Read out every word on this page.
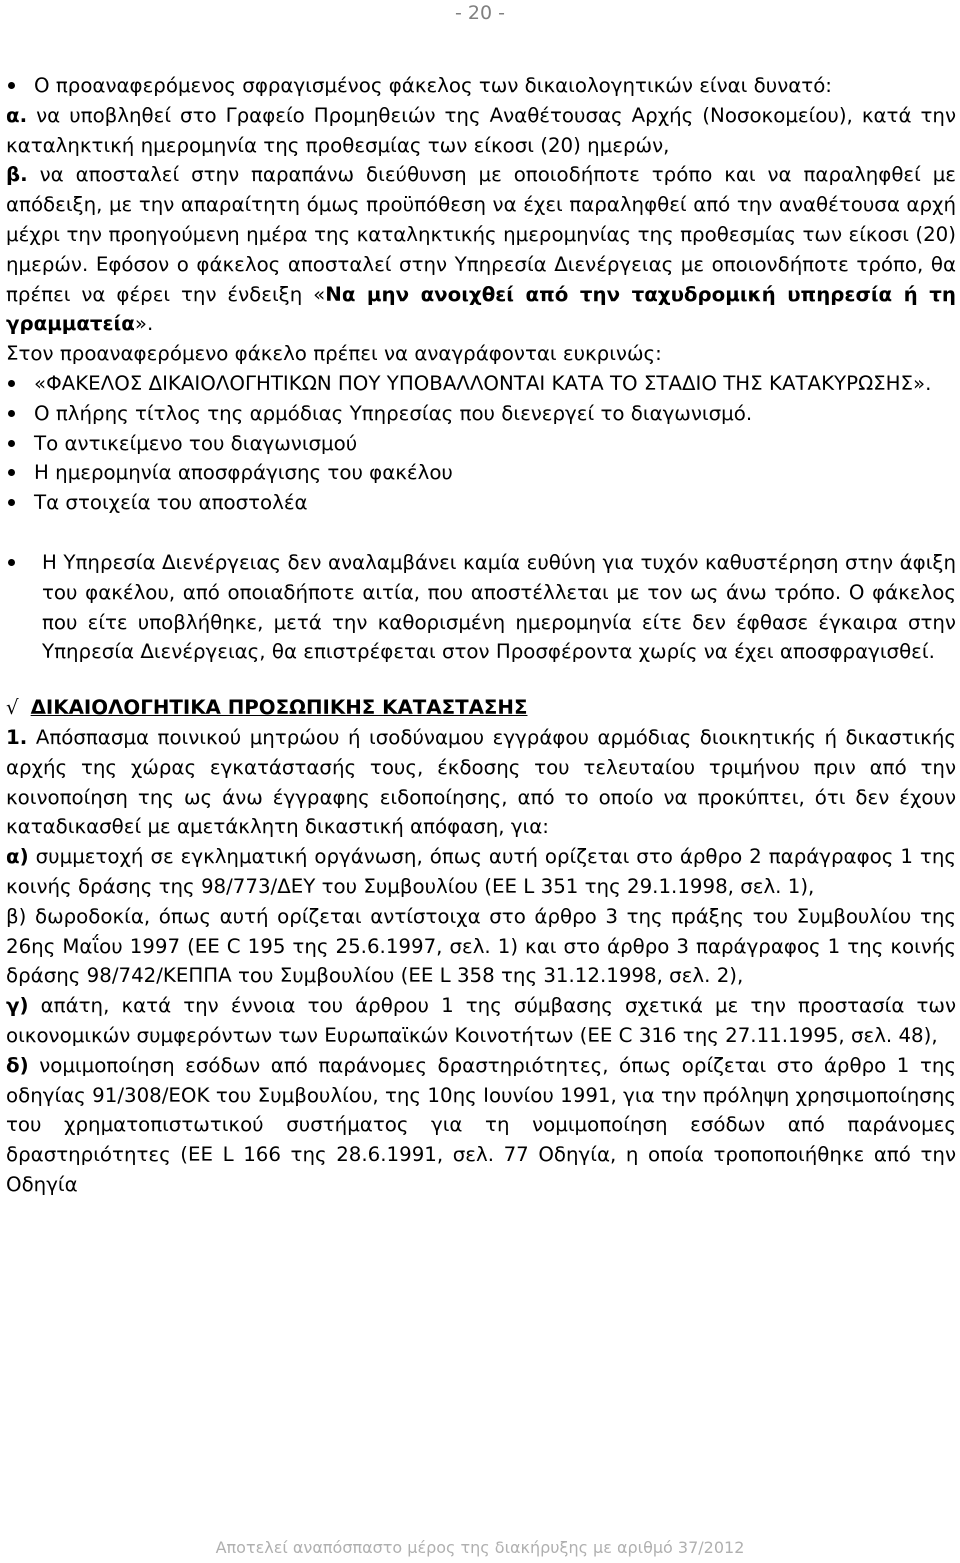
- 20 -

Ο προαναφερόμενος σφραγισμένος φάκελος των δικαιολογητικών είναι δυνατό:

α. να υποβληθεί στο Γραφείο Προμηθειών της Αναθέτουσας Αρχής (Νοσοκομείου), κατά την καταληκτική ημερομηνία της προθεσμίας των είκοσι (20) ημερών,

β. να αποσταλεί στην παραπάνω διεύθυνση με οποιοδήποτε τρόπο και να παραληφθεί με απόδειξη, με την απαραίτητη όμως προϋπόθεση να έχει παραληφθεί από την αναθέτουσα αρχή μέχρι την προηγούμενη ημέρα της καταληκτικής ημερομηνίας της προθεσμίας των είκοσι (20) ημερών. Εφόσον ο φάκελος αποσταλεί στην Υπηρεσία Διενέργειας με οποιονδήποτε τρόπο, θα πρέπει να φέρει την ένδειξη «Να μην ανοιχθεί από την ταχυδρομική υπηρεσία ή τη γραμματεία».

Στον προαναφερόμενο φάκελο πρέπει να αναγράφονται ευκρινώς:

«ΦΑΚΕΛΟΣ ΔΙΚΑΙΟΛΟΓΗΤΙΚΩΝ ΠΟΥ ΥΠΟΒΑΛΛΟΝΤΑΙ ΚΑΤΑ ΤΟ ΣΤΑΔΙΟ ΤΗΣ ΚΑΤΑΚΥΡΩΣΗΣ».

Ο πλήρης τίτλος της αρμόδιας Υπηρεσίας που διενεργεί το διαγωνισμό.

Το αντικείμενο του διαγωνισμού

Η ημερομηνία αποσφράγισης του φακέλου

Τα στοιχεία του αποστολέα

Η Υπηρεσία Διενέργειας δεν αναλαμβάνει καμία ευθύνη για τυχόν καθυστέρηση στην άφιξη του φακέλου, από οποιαδήποτε αιτία, που αποστέλλεται με τον ως άνω τρόπο. Ο φάκελος που είτε υποβλήθηκε, μετά την καθορισμένη ημερομηνία είτε δεν έφθασε έγκαιρα στην Υπηρεσία Διενέργειας, θα επιστρέφεται στον Προσφέροντα χωρίς να έχει αποσφραγισθεί.

√ ΔΙΚΑΙΟΛΟΓΗΤΙΚΑ ΠΡΟΣΩΠΙΚΗΣ ΚΑΤΑΣΤΑΣΗΣ

1. Απόσπασμα ποινικού μητρώου ή ισοδύναμου εγγράφου αρμόδιας διοικητικής ή δικαστικής αρχής της χώρας εγκατάστασής τους, έκδοσης του τελευταίου τριμήνου πριν από την κοινοποίηση της ως άνω έγγραφης ειδοποίησης, από το οποίο να προκύπτει, ότι δεν έχουν καταδικασθεί με αμετάκλητη δικαστική απόφαση, για:

α) συμμετοχή σε εγκληματική οργάνωση, όπως αυτή ορίζεται στο άρθρο 2 παράγραφος 1 της κοινής δράσης της 98/773/ΔΕΥ του Συμβουλίου (ΕΕ L 351 της 29.1.1998, σελ. 1),

β) δωροδοκία, όπως αυτή ορίζεται αντίστοιχα στο άρθρο 3 της πράξης του Συμβουλίου της 26ης Μαΐου 1997 (ΕΕ C 195 της 25.6.1997, σελ. 1) και στο άρθρο 3 παράγραφος 1 της κοινής δράσης 98/742/ΚΕΠΠΑ του Συμβουλίου (ΕΕ L 358 της 31.12.1998, σελ. 2),

γ) απάτη, κατά την έννοια του άρθρου 1 της σύμβασης σχετικά με την προστασία των οικονομικών συμφερόντων των Ευρωπαϊκών Κοινοτήτων (ΕΕ C 316 της 27.11.1995, σελ. 48),

δ) νομιμοποίηση εσόδων από παράνομες δραστηριότητες, όπως ορίζεται στο άρθρο 1 της οδηγίας 91/308/ΕΟΚ του Συμβουλίου, της 10ης Ιουνίου 1991, για την πρόληψη χρησιμοποίησης του χρηματοπιστωτικού συστήματος για τη νομιμοποίηση εσόδων από παράνομες δραστηριότητες (ΕΕ L 166 της 28.6.1991, σελ. 77 Οδηγία, η οποία τροποποιήθηκε από την Οδηγία

Αποτελεί αναπόσπαστο μέρος της διακήρυξης με αριθμό 37/2012
